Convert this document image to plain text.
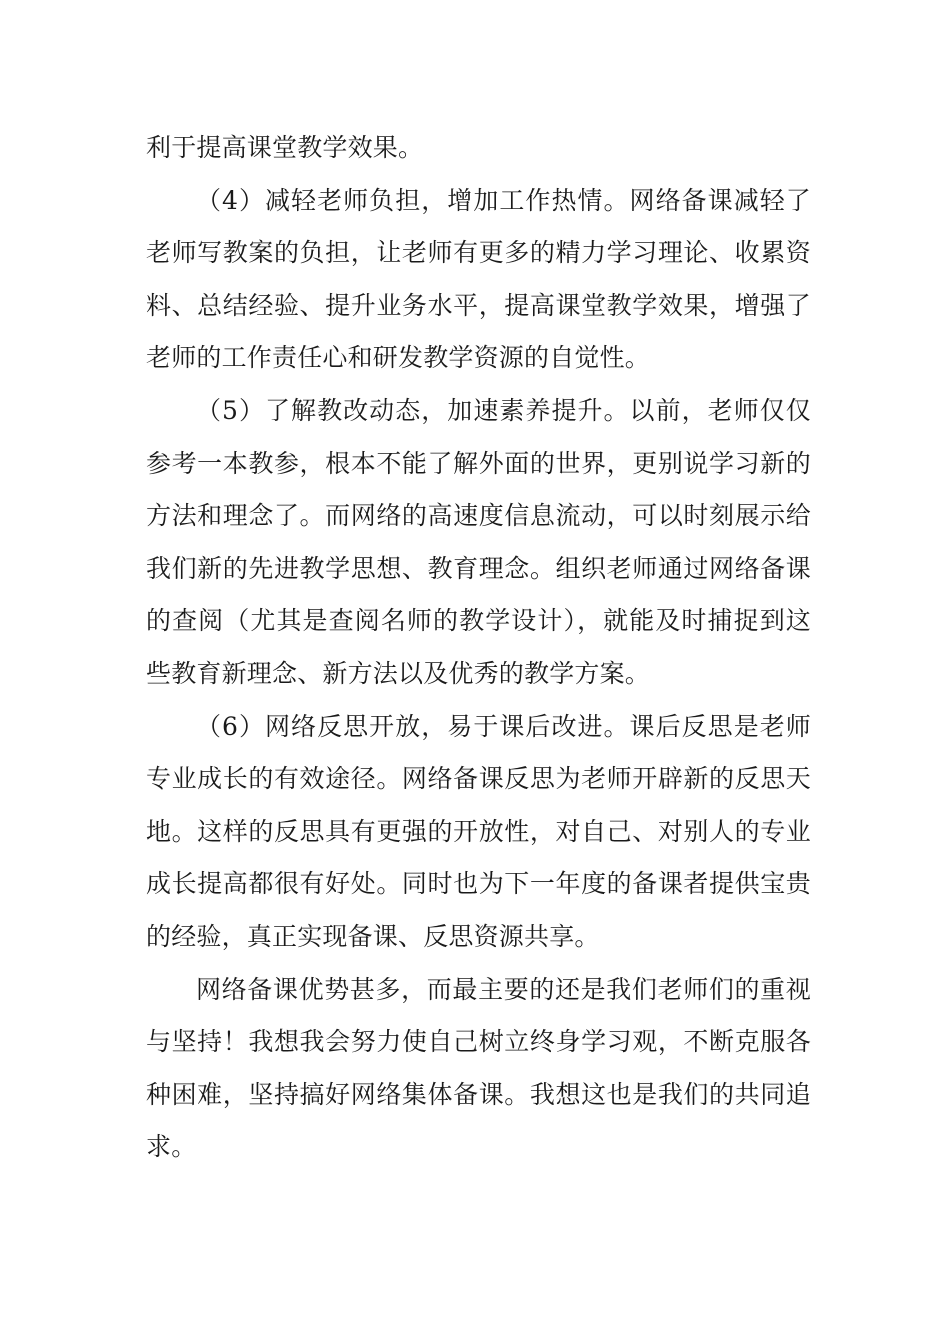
利于提高课堂教学效果。

（4）减轻老师负担，增加工作热情。网络备课减轻了老师写教案的负担，让老师有更多的精力学习理论、收累资料、总结经验、提升业务水平，提高课堂教学效果，增强了老师的工作责任心和研发教学资源的自觉性。

（5）了解教改动态，加速素养提升。以前，老师仅仅参考一本教参，根本不能了解外面的世界，更别说学习新的方法和理念了。而网络的高速度信息流动，可以时刻展示给我们新的先进教学思想、教育理念。组织老师通过网络备课的查阅（尤其是查阅名师的教学设计），就能及时捕捉到这些教育新理念、新方法以及优秀的教学方案。

（6）网络反思开放，易于课后改进。课后反思是老师专业成长的有效途径。网络备课反思为老师开辟新的反思天地。这样的反思具有更强的开放性，对自己、对别人的专业成长提高都很有好处。同时也为下一年度的备课者提供宝贵的经验，真正实现备课、反思资源共享。

网络备课优势甚多，而最主要的还是我们老师们的重视与坚持！我想我会努力使自己树立终身学习观，不断克服各种困难，坚持搞好网络集体备课。我想这也是我们的共同追求。
